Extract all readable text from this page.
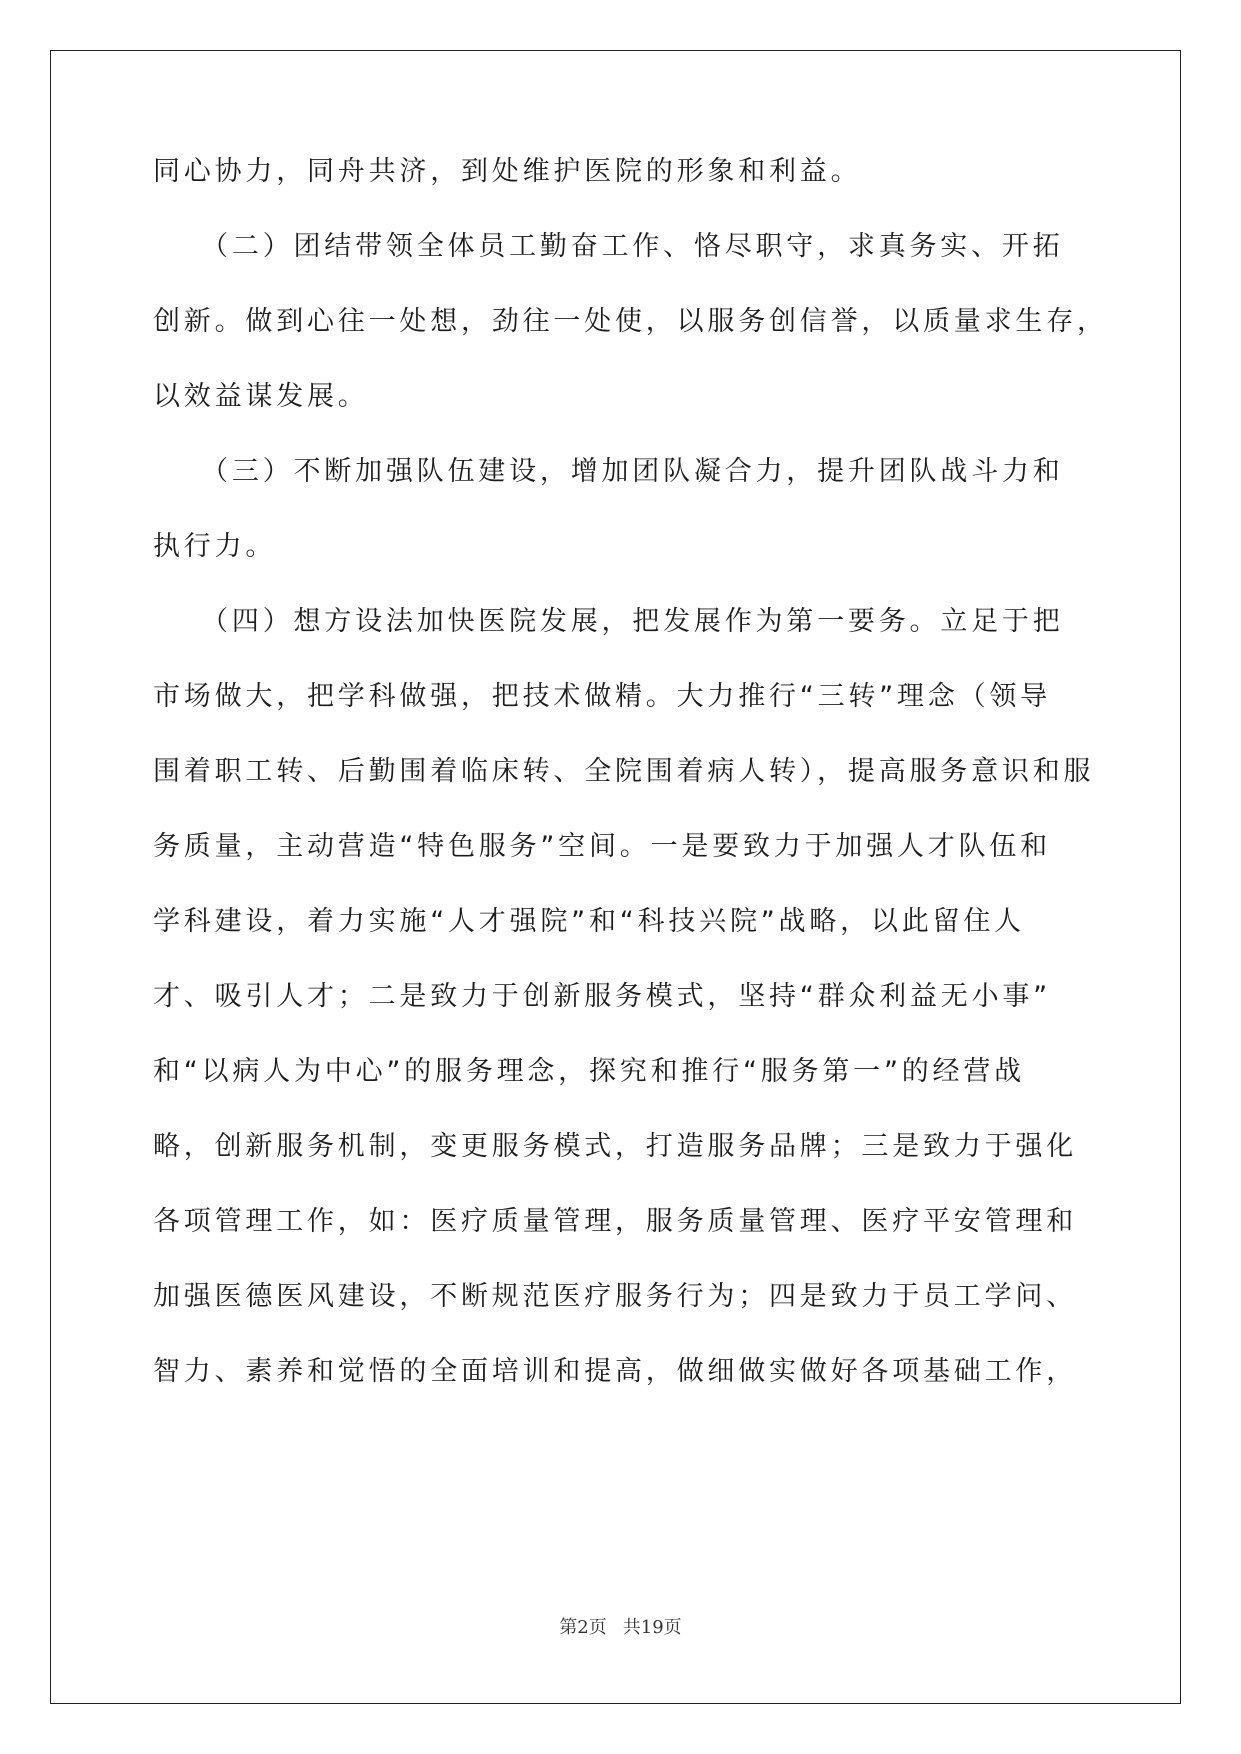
同心协力，同舟共济，到处维护医院的形象和利益。
　　（二）团结带领全体员工勤奋工作、恪尽职守，求真务实、开拓
创新。做到心往一处想，劲往一处使，以服务创信誉，以质量求生存，
以效益谋发展。
　　（三）不断加强队伍建设，增加团队凝合力，提升团队战斗力和
执行力。
　　（四）想方设法加快医院发展，把发展作为第一要务。立足于把
市场做大，把学科做强，把技术做精。大力推行“三转”理念（领导
围着职工转、后勤围着临床转、全院围着病人转），提高服务意识和服
务质量，主动营造“特色服务”空间。一是要致力于加强人才队伍和
学科建设，着力实施“人才强院”和“科技兴院”战略，以此留住人
才、吸引人才；二是致力于创新服务模式，坚持“群众利益无小事”
和“以病人为中心”的服务理念，探究和推行“服务第一”的经营战
略，创新服务机制，变更服务模式，打造服务品牌；三是致力于强化
各项管理工作，如：医疗质量管理，服务质量管理、医疗平安管理和
加强医德医风建设，不断规范医疗服务行为；四是致力于员工学问、
智力、素养和觉悟的全面培训和提高，做细做实做好各项基础工作，
第2页 共19页
